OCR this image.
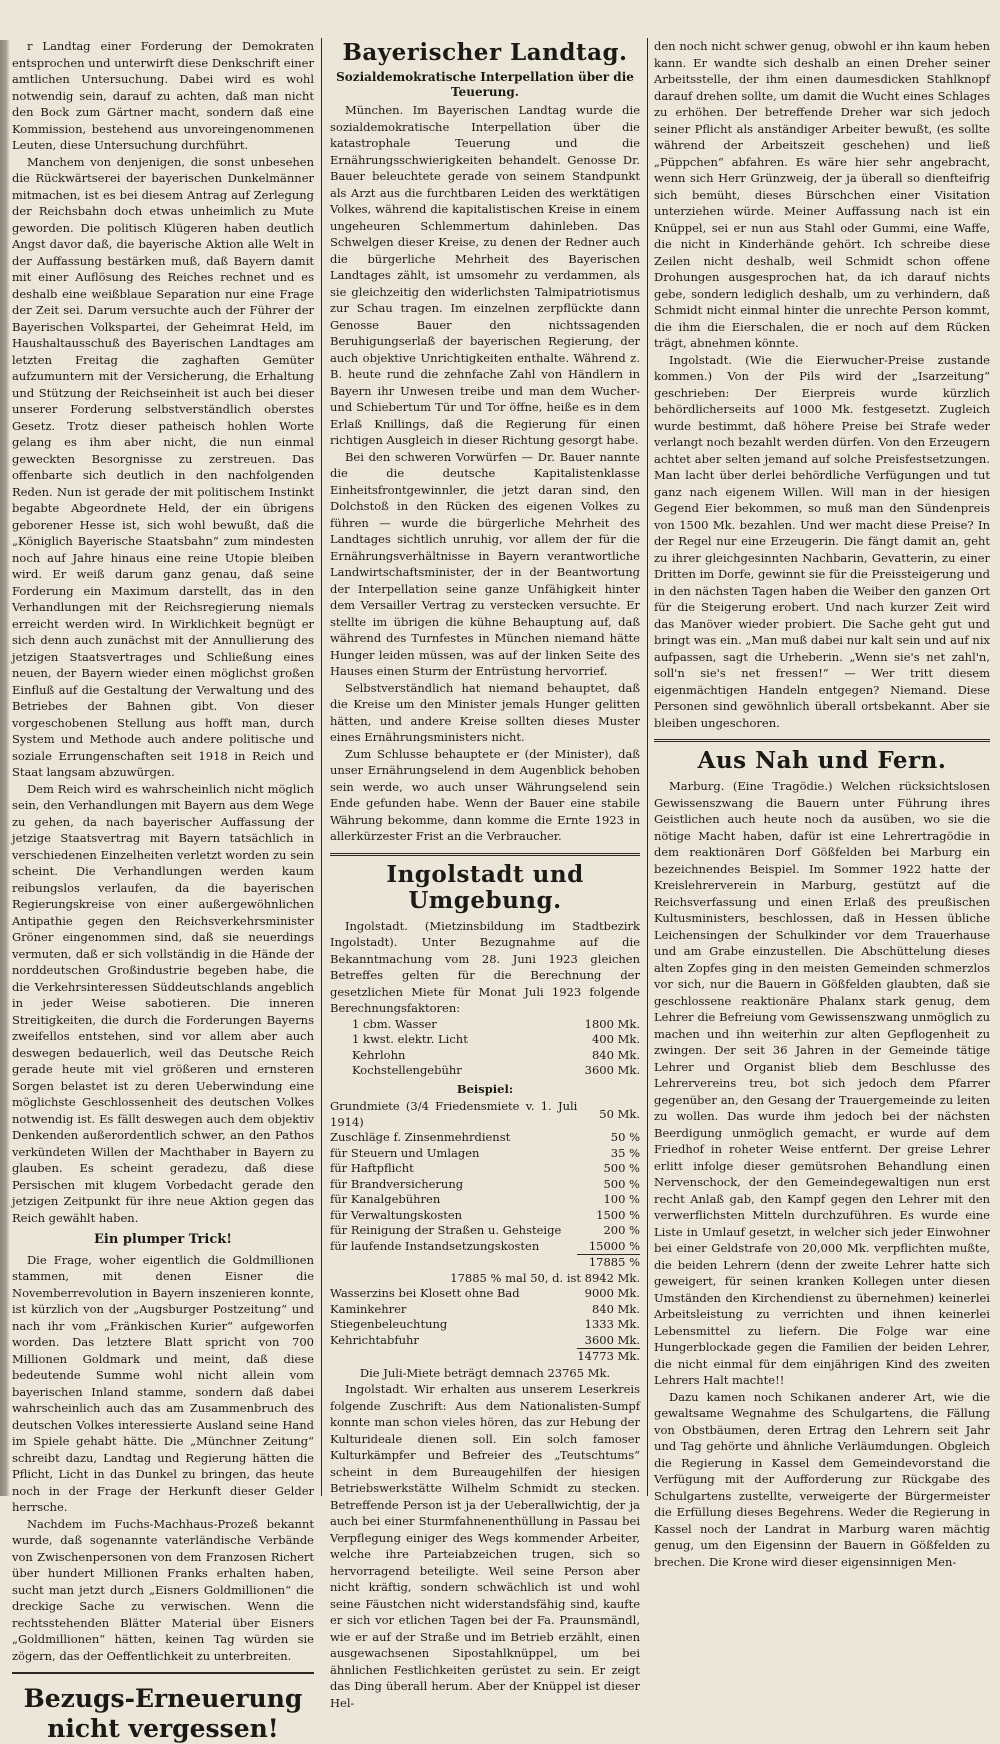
r Landtag einer Forderung der Demokraten entsprochen und unterwirft diese Denkschrift einer amtlichen Untersuchung. Dabei wird es wohl notwendig sein, darauf zu achten, daß man nicht den Bock zum Gärtner macht, sondern daß eine Kommission, bestehend aus unvoreingenommenen Leuten, diese Untersuchung durchführt.

Manchem von denjenigen, die sonst unbesehen die Rückwärtserei der bayerischen Dunkelmänner mitmachen, ist es bei diesem Antrag auf Zerlegung der Reichsbahn doch etwas unheimlich zu Mute geworden. Die politisch Klügeren haben deutlich Angst davor daß, die bayerische Aktion alle Welt in der Auffassung bestärken muß, daß Bayern damit mit einer Auflösung des Reiches rechnet und es deshalb eine weißblaue Separation nur eine Frage der Zeit sei. Darum versuchte auch der Führer der Bayerischen Volkspartei, der Geheimrat Held, im Haushaltausschuß des Bayerischen Landtages am letzten Freitag die zaghaften Gemüter aufzumuntern mit der Versicherung, die Erhaltung und Stützung der Reichseinheit ist auch bei dieser unserer Forderung selbstverständlich oberstes Gesetz. Trotz dieser patheisch hohlen Worte gelang es ihm aber nicht, die nun einmal geweckten Besorgnisse zu zerstreuen. Das offenbarte sich deutlich in den nachfolgenden Reden. Nun ist gerade der mit politischem Instinkt begabte Abgeordnete Held, der ein übrigens geborener Hesse ist, sich wohl bewußt, daß die „Königlich Bayerische Staatsbahn“ zum mindesten noch auf Jahre hinaus eine reine Utopie bleiben wird. Er weiß darum ganz genau, daß seine Forderung ein Maximum darstellt, das in den Verhandlungen mit der Reichsregierung niemals erreicht werden wird. In Wirklichkeit begnügt er sich denn auch zunächst mit der Annullierung des jetzigen Staatsvertrages und Schließung eines neuen, der Bayern wieder einen möglichst großen Einfluß auf die Gestaltung der Verwaltung und des Betriebes der Bahnen gibt. Von dieser vorgeschobenen Stellung aus hofft man, durch System und Methode auch andere politische und soziale Errungenschaften seit 1918 in Reich und Staat langsam abzuwürgen.

Dem Reich wird es wahrscheinlich nicht möglich sein, den Verhandlungen mit Bayern aus dem Wege zu gehen, da nach bayerischer Auffassung der jetzige Staatsvertrag mit Bayern tatsächlich in verschiedenen Einzelheiten verletzt worden zu sein scheint. Die Verhandlungen werden kaum reibungslos verlaufen, da die bayerischen Regierungskreise von einer außergewöhnlichen Antipathie gegen den Reichsverkehrsminister Gröner eingenommen sind, daß sie neuerdings vermuten, daß er sich vollständig in die Hände der norddeutschen Großindustrie begeben habe, die die Verkehrsinteressen Süddeutschlands angeblich in jeder Weise sabotieren. Die inneren Streitigkeiten, die durch die Forderungen Bayerns zweifellos entstehen, sind vor allem aber auch deswegen bedauerlich, weil das Deutsche Reich gerade heute mit viel größeren und ernsteren Sorgen belastet ist zu deren Ueberwindung eine möglichste Geschlossenheit des deutschen Volkes notwendig ist. Es fällt deswegen auch dem objektiv Denkenden außerordentlich schwer, an den Pathos verkündeten Willen der Machthaber in Bayern zu glauben. Es scheint geradezu, daß diese Persischen mit klugem Vorbedacht gerade den jetzigen Zeitpunkt für ihre neue Aktion gegen das Reich gewählt haben.

Ein plumper Trick!

Die Frage, woher eigentlich die Goldmillionen stammen, mit denen Eisner die Novemberrevolution in Bayern inszenieren konnte, ist kürzlich von der „Augsburger Postzeitung“ und nach ihr vom „Fränkischen Kurier“ aufgeworfen worden. Das letztere Blatt spricht von 700 Millionen Goldmark und meint, daß diese bedeutende Summe wohl nicht allein vom bayerischen Inland stamme, sondern daß dabei wahrscheinlich auch das am Zusammenbruch des deutschen Volkes interessierte Ausland seine Hand im Spiele gehabt hätte. Die „Münchner Zeitung“ schreibt dazu, Landtag und Regierung hätten die Pflicht, Licht in das Dunkel zu bringen, das heute noch in der Frage der Herkunft dieser Gelder herrsche.

Nachdem im Fuchs-Machhaus-Prozeß bekannt wurde, daß sogenannte vaterländische Verbände von Zwischenpersonen von dem Franzosen Richert über hundert Millionen Franks erhalten haben, sucht man jetzt durch „Eisners Goldmillionen“ die dreckige Sache zu verwischen. Wenn die rechtsstehenden Blätter Material über Eisners „Goldmillionen“ hätten, keinen Tag würden sie zögern, das der Oeffentlichkeit zu unterbreiten.

Bezugs-Erneuerung nicht vergessen!
Bayerischer Landtag.
Sozialdemokratische Interpellation über die Teuerung.

München. Im Bayerischen Landtag wurde die sozialdemokratische Interpellation über die katastrophale Teuerung und die Ernährungsschwierigkeiten behandelt. Genosse Dr. Bauer beleuchtete gerade von seinem Standpunkt als Arzt aus die furchtbaren Leiden des werktätigen Volkes, während die kapitalistischen Kreise in einem ungeheuren Schlemmertum dahinleben. Das Schwelgen dieser Kreise, zu denen der Redner auch die bürgerliche Mehrheit des Bayerischen Landtages zählt, ist umsomehr zu verdammen, als sie gleichzeitig den widerlichsten Talmipatriotismus zur Schau tragen. Im einzelnen zerpflückte dann Genosse Bauer den nichtssagenden Beruhigungserlaß der bayerischen Regierung, der auch objektive Unrichtigkeiten enthalte. Während z. B. heute rund die zehnfache Zahl von Händlern in Bayern ihr Unwesen treibe und man dem Wucher- und Schiebertum Tür und Tor öffne, heiße es in dem Erlaß Knillings, daß die Regierung für einen richtigen Ausgleich in dieser Richtung gesorgt habe.

Bei den schweren Vorwürfen — Dr. Bauer nannte die die deutsche Kapitalistenklasse Einheitsfrontgewinnler, die jetzt daran sind, den Dolchstoß in den Rücken des eigenen Volkes zu führen — wurde die bürgerliche Mehrheit des Landtages sichtlich unruhig, vor allem der für die Ernährungsverhältnisse in Bayern verantwortliche Landwirtschaftsminister, der in der Beantwortung der Interpellation seine ganze Unfähigkeit hinter dem Versailler Vertrag zu verstecken versuchte. Er stellte im übrigen die kühne Behauptung auf, daß während des Turnfestes in München niemand hätte Hunger leiden müssen, was auf der linken Seite des Hauses einen Sturm der Entrüstung hervorrief.

Selbstverständlich hat niemand behauptet, daß die Kreise um den Minister jemals Hunger gelitten hätten, und andere Kreise sollten dieses Muster eines Ernährungsministers nicht.

Zum Schlusse behauptete er (der Minister), daß unser Ernährungselend in dem Augenblick behoben sein werde, wo auch unser Währungselend sein Ende gefunden habe. Wenn der Bauer eine stabile Währung bekomme, dann komme die Ernte 1923 in allerkürzester Frist an die Verbraucher.

Ingolstadt und Umgebung.

Ingolstadt. (Mietzinsbildung im Stadtbezirk Ingolstadt). Unter Bezugnahme auf die Bekanntmachung vom 28. Juni 1923 gleichen Betreffes gelten für die Berechnung der gesetzlichen Miete für Monat Juli 1923 folgende Berechnungsfaktoren:

1 cbm. Wasser	1800 Mk.
1 kwst. elektr. Licht	400 Mk.
Kehrlohn	840 Mk.
Kochstellengebühr	3600 Mk.
Beispiel:
Grundmiete (3/4 Friedensmiete v. 1. Juli 1914)	50 Mk.
Zuschläge f. Zinsenmehrdienst	50 %
für Steuern und Umlagen	35 %
für Haftpflicht	500 %
für Brandversicherung	500 %
für Kanalgebühren	100 %
für Verwaltungskosten	1500 %
für Reinigung der Straßen u. Gehsteige	200 %
für laufende Instandsetzungskosten	15000 %
	17885 %
17885 % mal 50, d. ist 8942 Mk.	
Wasserzins bei Klosett ohne Bad	9000 Mk.
Kaminkehrer	840 Mk.
Stiegenbeleuchtung	1333 Mk.
Kehrichtabfuhr	3600 Mk.
	14773 Mk.

Die Juli-Miete beträgt demnach 23765 Mk.

Ingolstadt. Wir erhalten aus unserem Leserkreis folgende Zuschrift: Aus dem Nationalisten-Sumpf konnte man schon vieles hören, das zur Hebung der Kulturideale dienen soll. Ein solch famoser Kulturkämpfer und Befreier des „Teutschtums“ scheint in dem Bureaugehilfen der hiesigen Betriebswerkstätte Wilhelm Schmidt zu stecken. Betreffende Person ist ja der Ueberallwichtig, der ja auch bei einer Sturmfahnenenthüllung in Passau bei Verpflegung einiger des Wegs kommender Arbeiter, welche ihre Parteiabzeichen trugen, sich so hervorragend beteiligte. Weil seine Person aber nicht kräftig, sondern schwächlich ist und wohl seine Fäustchen nicht widerstandsfähig sind, kaufte er sich vor etlichen Tagen bei der Fa. Praunsmändl, wie er auf der Straße und im Betrieb erzählt, einen ausgewachsenen Sipostahlknüppel, um bei ähnlichen Festlichkeiten gerüstet zu sein. Er zeigt das Ding überall herum. Aber der Knüppel ist dieser Hel-

den noch nicht schwer genug, obwohl er ihn kaum heben kann. Er wandte sich deshalb an einen Dreher seiner Arbeitsstelle, der ihm einen daumesdicken Stahlknopf darauf drehen sollte, um damit die Wucht eines Schlages zu erhöhen. Der betreffende Dreher war sich jedoch seiner Pflicht als anständiger Arbeiter bewußt, (es sollte während der Arbeitszeit geschehen) und ließ „Püppchen“ abfahren. Es wäre hier sehr angebracht, wenn sich Herr Grünzweig, der ja überall so dienfteifrig sich bemüht, dieses Bürschchen einer Visitation unterziehen würde. Meiner Auffassung nach ist ein Knüppel, sei er nun aus Stahl oder Gummi, eine Waffe, die nicht in Kinderhände gehört. Ich schreibe diese Zeilen nicht deshalb, weil Schmidt schon offene Drohungen ausgesprochen hat, da ich darauf nichts gebe, sondern lediglich deshalb, um zu verhindern, daß Schmidt nicht einmal hinter die unrechte Person kommt, die ihm die Eierschalen, die er noch auf dem Rücken trägt, abnehmen könnte.

Ingolstadt. (Wie die Eierwucher-Preise zustande kommen.) Von der Pils wird der „Isarzeitung“ geschrieben: Der Eierpreis wurde kürzlich behördlicherseits auf 1000 Mk. festgesetzt. Zugleich wurde bestimmt, daß höhere Preise bei Strafe weder verlangt noch bezahlt werden dürfen. Von den Erzeugern achtet aber selten jemand auf solche Preisfestsetzungen. Man lacht über derlei behördliche Verfügungen und tut ganz nach eigenem Willen. Will man in der hiesigen Gegend Eier bekommen, so muß man den Sündenpreis von 1500 Mk. bezahlen. Und wer macht diese Preise? In der Regel nur eine Erzeugerin. Die fängt damit an, geht zu ihrer gleichgesinnten Nachbarin, Gevatterin, zu einer Dritten im Dorfe, gewinnt sie für die Preissteigerung und in den nächsten Tagen haben die Weiber den ganzen Ort für die Steigerung erobert. Und nach kurzer Zeit wird das Manöver wieder probiert. Die Sache geht gut und bringt was ein. „Man muß dabei nur kalt sein und auf nix aufpassen, sagt die Urheberin. „Wenn sie's net zahl'n, soll'n sie's net fressen!“ — Wer tritt diesem eigenmächtigen Handeln entgegen? Niemand. Diese Personen sind gewöhnlich überall ortsbekannt. Aber sie bleiben ungeschoren.

Aus Nah und Fern.

Marburg. (Eine Tragödie.) Welchen rücksichtslosen Gewissenszwang die Bauern unter Führung ihres Geistlichen auch heute noch da ausüben, wo sie die nötige Macht haben, dafür ist eine Lehrertragödie in dem reaktionären Dorf Gößfelden bei Marburg ein bezeichnendes Beispiel. Im Sommer 1922 hatte der Kreislehrerverein in Marburg, gestützt auf die Reichsverfassung und einen Erlaß des preußischen Kultusministers, beschlossen, daß in Hessen übliche Leichensingen der Schulkinder vor dem Trauerhause und am Grabe einzustellen. Die Abschüttelung dieses alten Zopfes ging in den meisten Gemeinden schmerzlos vor sich, nur die Bauern in Gößfelden glaubten, daß sie geschlossene reaktionäre Phalanx stark genug, dem Lehrer die Befreiung vom Gewissenszwang unmöglich zu machen und ihn weiterhin zur alten Gepflogenheit zu zwingen. Der seit 36 Jahren in der Gemeinde tätige Lehrer und Organist blieb dem Beschlusse des Lehrervereins treu, bot sich jedoch dem Pfarrer gegenüber an, den Gesang der Trauergemeinde zu leiten zu wollen. Das wurde ihm jedoch bei der nächsten Beerdigung unmöglich gemacht, er wurde auf dem Friedhof in roheter Weise entfernt. Der greise Lehrer erlitt infolge dieser gemütsrohen Behandlung einen Nervenschock, der den Gemeindegewaltigen nun erst recht Anlaß gab, den Kampf gegen den Lehrer mit den verwerflichsten Mitteln durchzuführen. Es wurde eine Liste in Umlauf gesetzt, in welcher sich jeder Einwohner bei einer Geldstrafe von 20,000 Mk. verpflichten mußte, die beiden Lehrern (denn der zweite Lehrer hatte sich geweigert, für seinen kranken Kollegen unter diesen Umständen den Kirchendienst zu übernehmen) keinerlei Arbeitsleistung zu verrichten und ihnen keinerlei Lebensmittel zu liefern. Die Folge war eine Hungerblockade gegen die Familien der beiden Lehrer, die nicht einmal für dem einjährigen Kind des zweiten Lehrers Halt machte!!

Dazu kamen noch Schikanen anderer Art, wie die gewaltsame Wegnahme des Schulgartens, die Fällung von Obstbäumen, deren Ertrag den Lehrern seit Jahr und Tag gehörte und ähnliche Verläumdungen. Obgleich die Regierung in Kassel dem Gemeindevorstand die Verfügung mit der Aufforderung zur Rückgabe des Schulgartens zustellte, verweigerte der Bürgermeister die Erfüllung dieses Begehrens. Weder die Regierung in Kassel noch der Landrat in Marburg waren mächtig genug, um den Eigensinn der Bauern in Gößfelden zu brechen. Die Krone wird dieser eigensinnigen Men-
